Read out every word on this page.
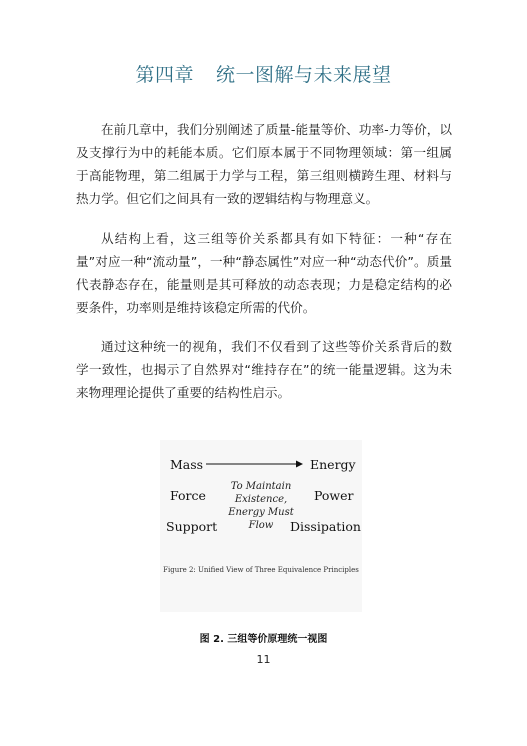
第四章 统一图解与未来展望

在前几章中，我们分别阐述了质量-能量等价、功率-力等价，以及支撑行为中的耗能本质。它们原本属于不同物理领域：第一组属于高能物理，第二组属于力学与工程，第三组则横跨生理、材料与热力学。但它们之间具有一致的逻辑结构与物理意义。

从结构上看，这三组等价关系都具有如下特征：一种“存在量”对应一种“流动量”，一种“静态属性”对应一种“动态代价”。质量代表静态存在，能量则是其可释放的动态表现；力是稳定结构的必要条件，功率则是维持该稳定所需的代价。

通过这种统一的视角，我们不仅看到了这些等价关系背后的数学一致性，也揭示了自然界对“维持存在”的统一能量逻辑。这为未来物理理论提供了重要的结构性启示。

Mass
Force
Support
Energy
Power
Dissipation
To Maintain
Existence,
Energy Must
Flow
Figure 2: Unified View of Three Equivalence Principles
图 2. 三组等价原理统一视图
11
